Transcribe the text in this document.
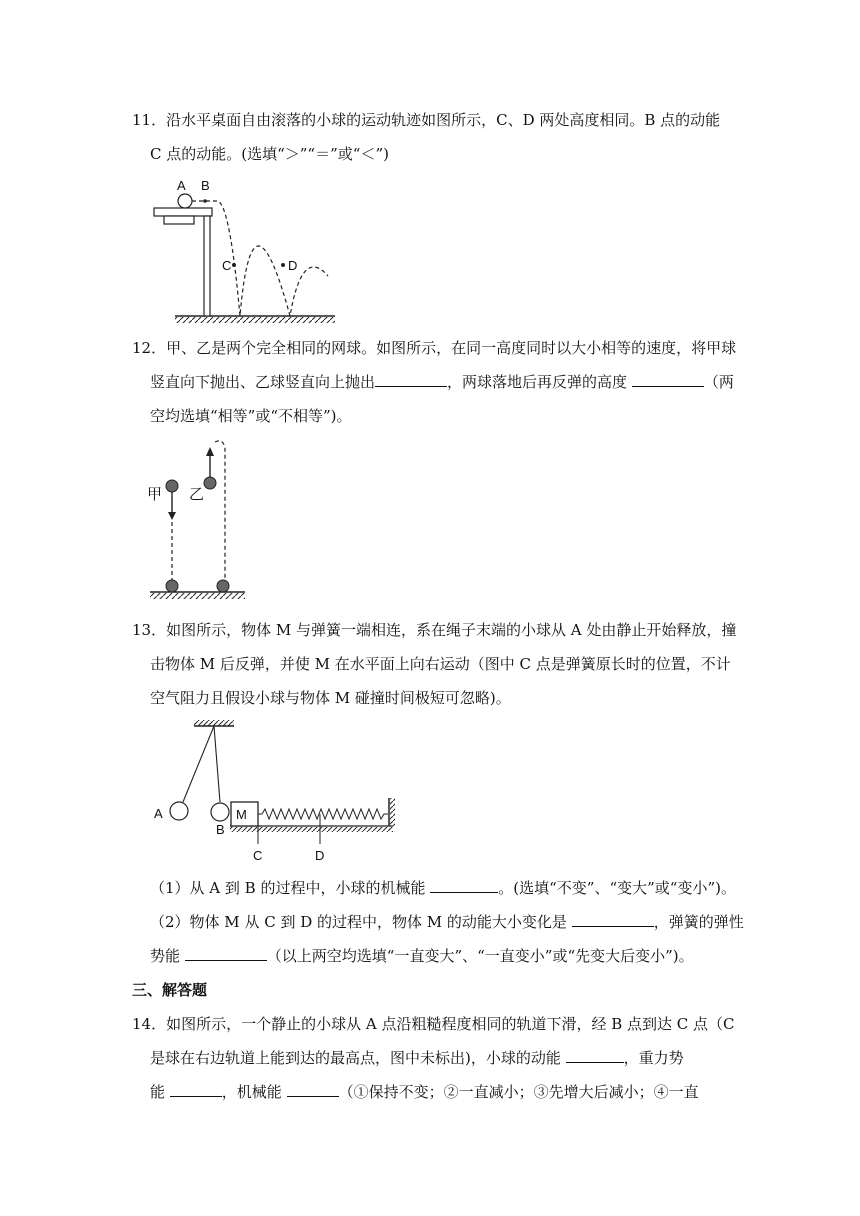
11．沿水平桌面自由滚落的小球的运动轨迹如图所示，C、D 两处高度相同。B 点的动能
C 点的动能。(选填“＞”“＝”或“＜”)
A B
C	D
12．甲、乙是两个完全相同的网球。如图所示，在同一高度同时以大小相等的速度，将甲球
竖直向下抛出、乙球竖直向上抛出	，两球落地后再反弹的高度	（两
空均选填“相等”或“不相等”)。
甲 乙
13．如图所示，物体 M 与弹簧一端相连，系在绳子末端的小球从 A 处由静止开始释放，撞
击物体 M 后反弹，并使 M 在水平面上向右运动（图中 C 点是弹簧原长时的位置，不计
空气阻力且假设小球与物体 M 碰撞时间极短可忽略)。
A
B
M
C	D
（1）从 A 到 B 的过程中，小球的机械能	。(选填“不变”、“变大”或“变小”)。
（2）物体 M 从 C 到 D 的过程中，物体 M 的动能大小变化是	，弹簧的弹性
势能	（以上两空均选填“一直变大”、“一直变小”或“先变大后变小”)。
三、解答题
14．如图所示，一个静止的小球从 A 点沿粗糙程度相同的轨道下滑，经 B 点到达 C 点（C
是球在右边轨道上能到达的最高点，图中未标出)，小球的动能	，重力势
能	，机械能	（①保持不变；②一直减小；③先增大后减小；④一直
